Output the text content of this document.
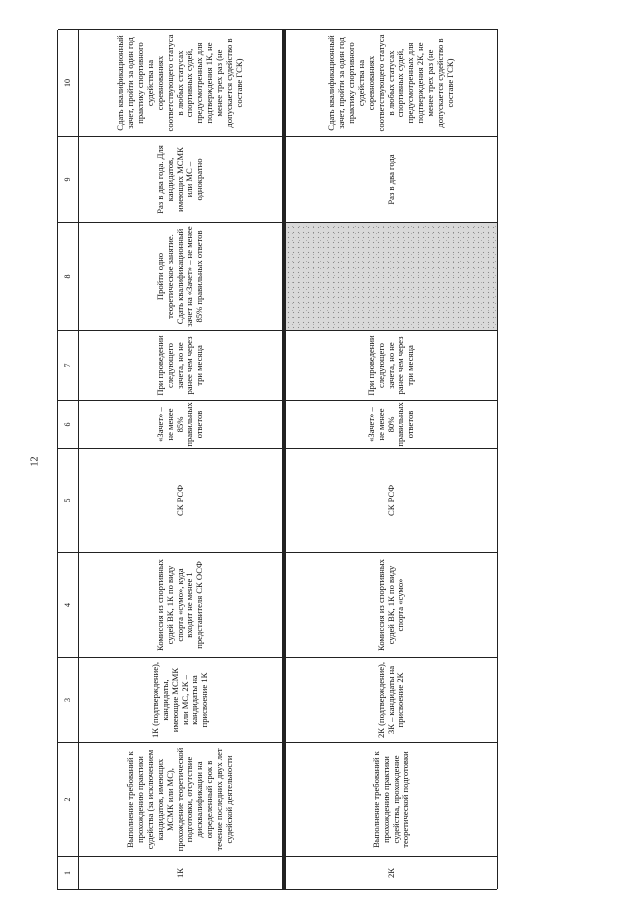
12
1
2
3
4
5
6
7
8
9
10
1К
Выполнение требований к прохождению практики судейства (за исключением кандидатов, имеющих МСМК или МС), прохождение теоретической подготовки, отсутствие дисквалификации на определенный срок в течение последних двух лет судейской деятельности
1К (подтверждение), кандидаты, имеющие МСМК или МС, 2К – кандидаты на присвоение 1К
Комиссия из спортивных судей ВК, 1К по виду спорта «сумо», куда входит не менее 1 представителя СК ОСФ
СК РСФ
«Зачет» – не менее 85% правильных ответов
При проведении следующего зачета, но не ранее чем через три месяца
Пройти одно теоретическое занятие. Сдать квалификационный зачет на «Зачет» – не менее 85% правильных ответов
Раз в два года. Для кандидатов, имеющих МСМК или МС – однократно
Сдать квалификационный зачет, пройти за один год практику спортивного судейства на соревнованиях соответствующего статуса в любых статусах спортивных судей, предусмотренных для подтверждения 1К, не менее трех раз (не допускается судейство в составе ГСК)
2К
Выполнение требований к прохождению практики судейства, прохождение теоретической подготовки
2К (подтверждение), 3К – кандидаты на присвоение 2К
Комиссия из спортивных судей ВК, 1К по виду спорта «сумо»
СК РСФ
«Зачет» – не менее 80% правильных ответов
При проведении следующего зачета, но не ранее чем через три месяца
Раз в два года
Сдать квалификационный зачет, пройти за один год практику спортивного судейства на соревнованиях соответствующего статуса в любых статусах спортивных судей, предусмотренных для подтверждения 2К, не менее трех раз (не допускается судейство в составе ГСК)
